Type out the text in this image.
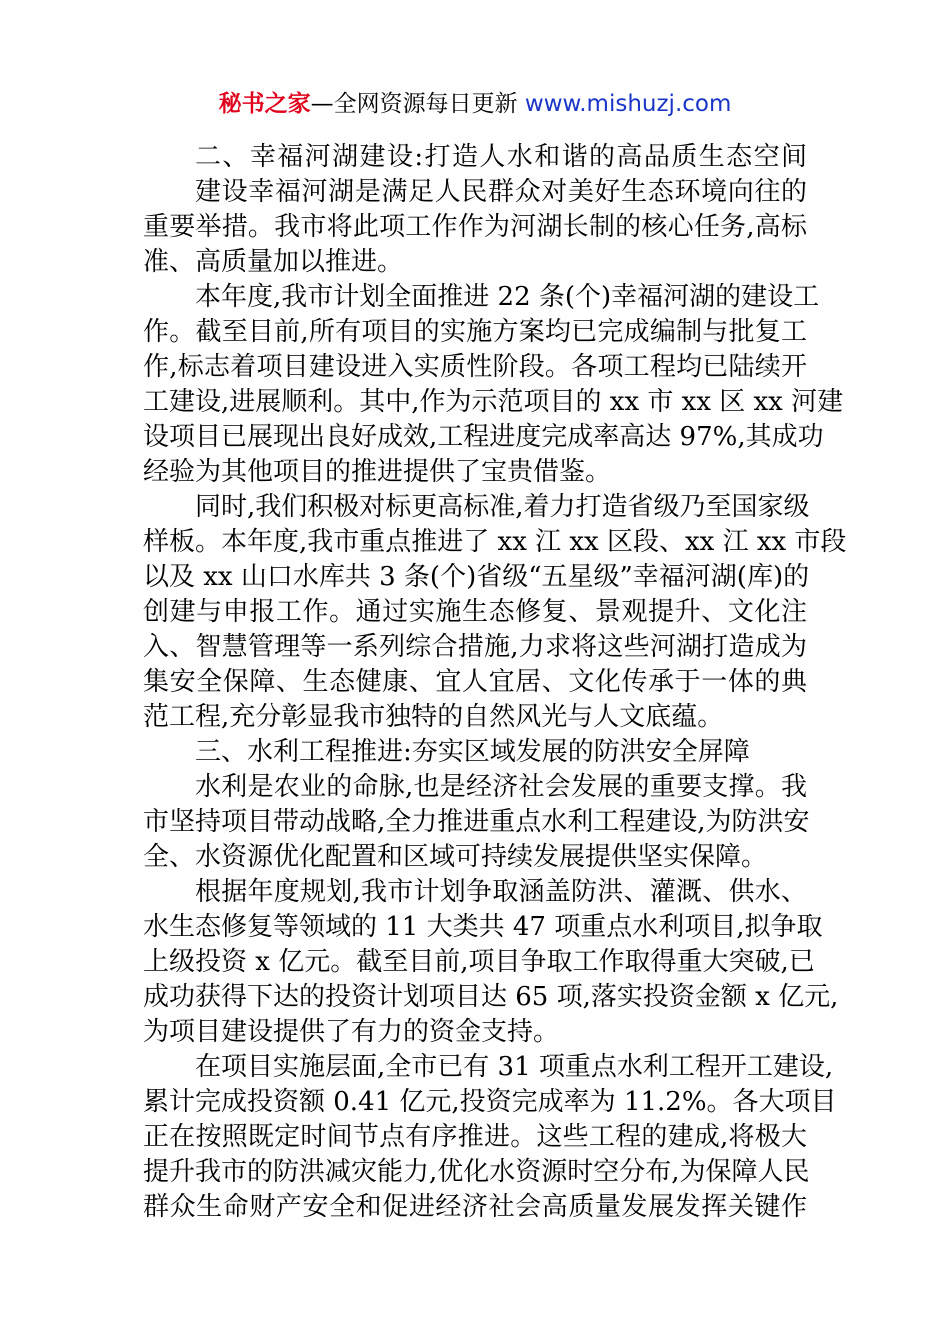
秘书之家—全网资源每日更新 www.mishuzj.com
二、幸福河湖建设:打造人水和谐的高品质生态空间
建设幸福河湖是满足人民群众对美好生态环境向往的
重要举措。我市将此项工作作为河湖长制的核心任务,高标
准、高质量加以推进。
本年度,我市计划全面推进 22 条(个)幸福河湖的建设工
作。截至目前,所有项目的实施方案均已完成编制与批复工
作,标志着项目建设进入实质性阶段。各项工程均已陆续开
工建设,进展顺利。其中,作为示范项目的 xx 市 xx 区 xx 河建
设项目已展现出良好成效,工程进度完成率高达 97%,其成功
经验为其他项目的推进提供了宝贵借鉴。
同时,我们积极对标更高标准,着力打造省级乃至国家级
样板。本年度,我市重点推进了 xx 江 xx 区段、xx 江 xx 市段
以及 xx 山口水库共 3 条(个)省级“五星级”幸福河湖(库)的
创建与申报工作。通过实施生态修复、景观提升、文化注
入、智慧管理等一系列综合措施,力求将这些河湖打造成为
集安全保障、生态健康、宜人宜居、文化传承于一体的典
范工程,充分彰显我市独特的自然风光与人文底蕴。
三、水利工程推进:夯实区域发展的防洪安全屏障
水利是农业的命脉,也是经济社会发展的重要支撑。我
市坚持项目带动战略,全力推进重点水利工程建设,为防洪安
全、水资源优化配置和区域可持续发展提供坚实保障。
根据年度规划,我市计划争取涵盖防洪、灌溉、供水、
水生态修复等领域的 11 大类共 47 项重点水利项目,拟争取
上级投资 x 亿元。截至目前,项目争取工作取得重大突破,已
成功获得下达的投资计划项目达 65 项,落实投资金额 x 亿元,
为项目建设提供了有力的资金支持。
在项目实施层面,全市已有 31 项重点水利工程开工建设,
累计完成投资额 0.41 亿元,投资完成率为 11.2%。各大项目
正在按照既定时间节点有序推进。这些工程的建成,将极大
提升我市的防洪减灾能力,优化水资源时空分布,为保障人民
群众生命财产安全和促进经济社会高质量发展发挥关键作
